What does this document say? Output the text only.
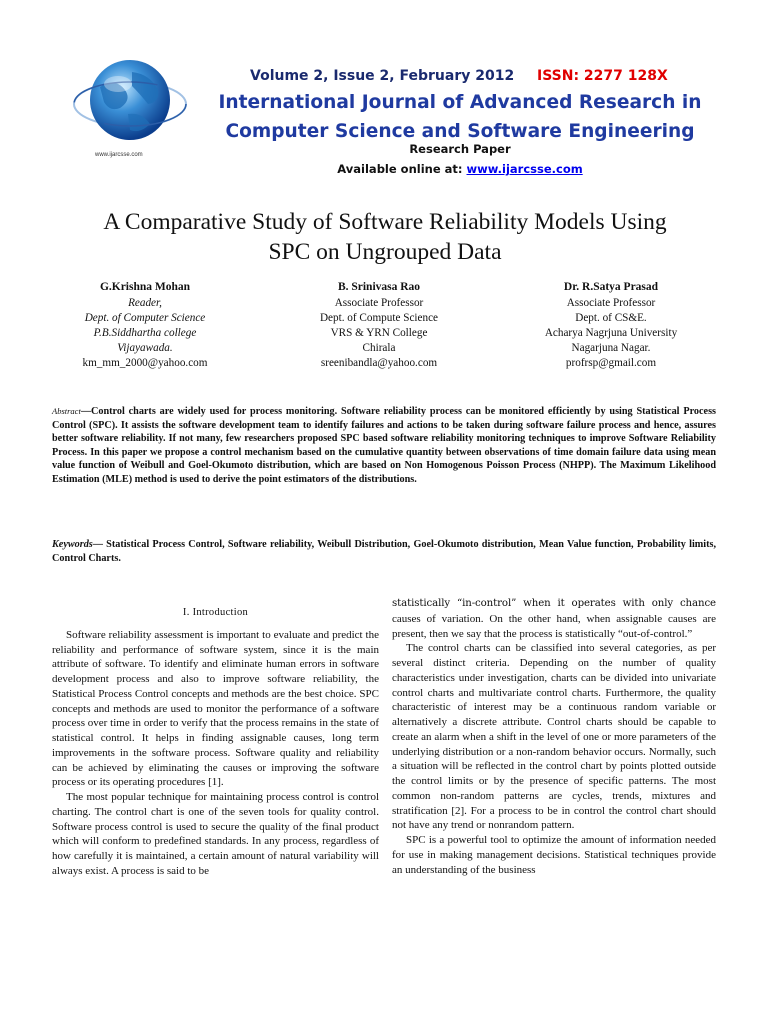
www.ijarcsse.com
Volume 2, Issue 2, February 2012 ISSN: 2277 128X
International Journal of Advanced Research in
Computer Science and Software Engineering
Research Paper
Available online at: www.ijarcsse.com
A Comparative Study of Software Reliability Models Using
SPC on Ungrouped Data
G.Krishna Mohan
Reader,
Dept. of Computer Science
P.B.Siddhartha college
Vijayawada.
km_mm_2000@yahoo.com
B. Srinivasa Rao
Associate Professor
Dept. of Compute Science
VRS & YRN College
Chirala
sreenibandla@yahoo.com
Dr. R.Satya Prasad
Associate Professor
Dept. of CS&E.
Acharya Nagrjuna University
Nagarjuna Nagar.
profrsp@gmail.com
Abstract—Control charts are widely used for process monitoring. Software reliability process can be monitored efficiently by using Statistical Process Control (SPC). It assists the software development team to identify failures and actions to be taken during software failure process and hence, assures better software reliability. If not many, few researchers proposed SPC based software reliability monitoring techniques to improve Software Reliability Process. In this paper we propose a control mechanism based on the cumulative quantity between observations of time domain failure data using mean value function of Weibull and Goel-Okumoto distribution, which are based on Non Homogenous Poisson Process (NHPP). The Maximum Likelihood Estimation (MLE) method is used to derive the point estimators of the distributions.
Keywords— Statistical Process Control, Software reliability, Weibull Distribution, Goel-Okumoto distribution, Mean Value function, Probability limits, Control Charts.

I. Introduction

Software reliability assessment is important to evaluate and predict the reliability and performance of software system, since it is the main attribute of software. To identify and eliminate human errors in software development process and also to improve software reliability, the Statistical Process Control concepts and methods are the best choice. SPC concepts and methods are used to monitor the performance of a software process over time in order to verify that the process remains in the state of statistical control. It helps in finding assignable causes, long term improvements in the software process. Software quality and reliability can be achieved by eliminating the causes or improving the software process or its operating procedures [1].

The most popular technique for maintaining process control is control charting. The control chart is one of the seven tools for quality control. Software process control is used to secure the quality of the final product which will conform to predefined standards. In any process, regardless of how carefully it is maintained, a certain amount of natural variability will always exist. A process is said to be

statistically “in-control” when it operates with only chance causes of variation. On the other hand, when assignable causes are present, then we say that the process is statistically “out-of-control.”

The control charts can be classified into several categories, as per several distinct criteria. Depending on the number of quality characteristics under investigation, charts can be divided into univariate control charts and multivariate control charts. Furthermore, the quality characteristic of interest may be a continuous random variable or alternatively a discrete attribute. Control charts should be capable to create an alarm when a shift in the level of one or more parameters of the underlying distribution or a non-random behavior occurs. Normally, such a situation will be reflected in the control chart by points plotted outside the control limits or by the presence of specific patterns. The most common non-random patterns are cycles, trends, mixtures and stratification [2]. For a process to be in control the control chart should not have any trend or nonrandom pattern.

SPC is a powerful tool to optimize the amount of information needed for use in making management decisions. Statistical techniques provide an understanding of the business
